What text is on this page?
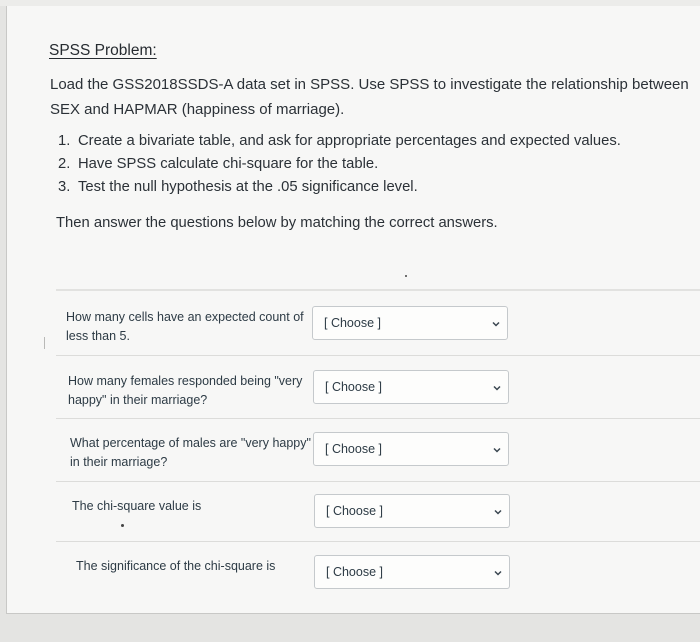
SPSS Problem:
Load the GSS2018SSDS-A data set in SPSS. Use SPSS to investigate the relationship between SEX and HAPMAR (happiness of marriage).
1. Create a bivariate table, and ask for appropriate percentages and expected values.
2. Have SPSS calculate chi-square for the table.
3. Test the null hypothesis at the .05 significance level.
Then answer the questions below by matching the correct answers.
How many cells have an expected count of
less than 5.
[ Choose ]
How many females responded being "very
happy" in their marriage?
[ Choose ]
What percentage of males are "very happy"
in their marriage?
[ Choose ]
The chi-square value is	[ Choose ]
The significance of the chi-square is	[ Choose ]
